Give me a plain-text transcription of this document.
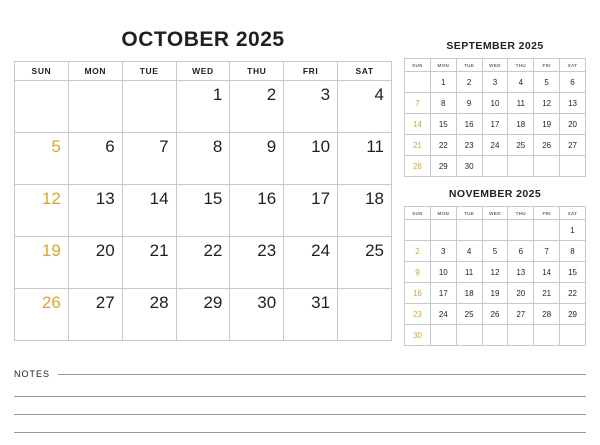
OCTOBER 2025
SUN	MON	TUE	WED	THU	FRI	SAT
			1	2	3	4
5	6	7	8	9	10	11
12	13	14	15	16	17	18
19	20	21	22	23	24	25
26	27	28	29	30	31	
SEPTEMBER 2025
SUN	MON	TUE	WED	THU	FRI	SAT
	1	2	3	4	5	6
7	8	9	10	11	12	13
14	15	16	17	18	19	20
21	22	23	24	25	26	27
28	29	30				
NOVEMBER 2025
SUN	MON	TUE	WED	THU	FRI	SAT
						1
2	3	4	5	6	7	8
9	10	11	12	13	14	15
16	17	18	19	20	21	22
23	24	25	26	27	28	29
30						
NOTES
